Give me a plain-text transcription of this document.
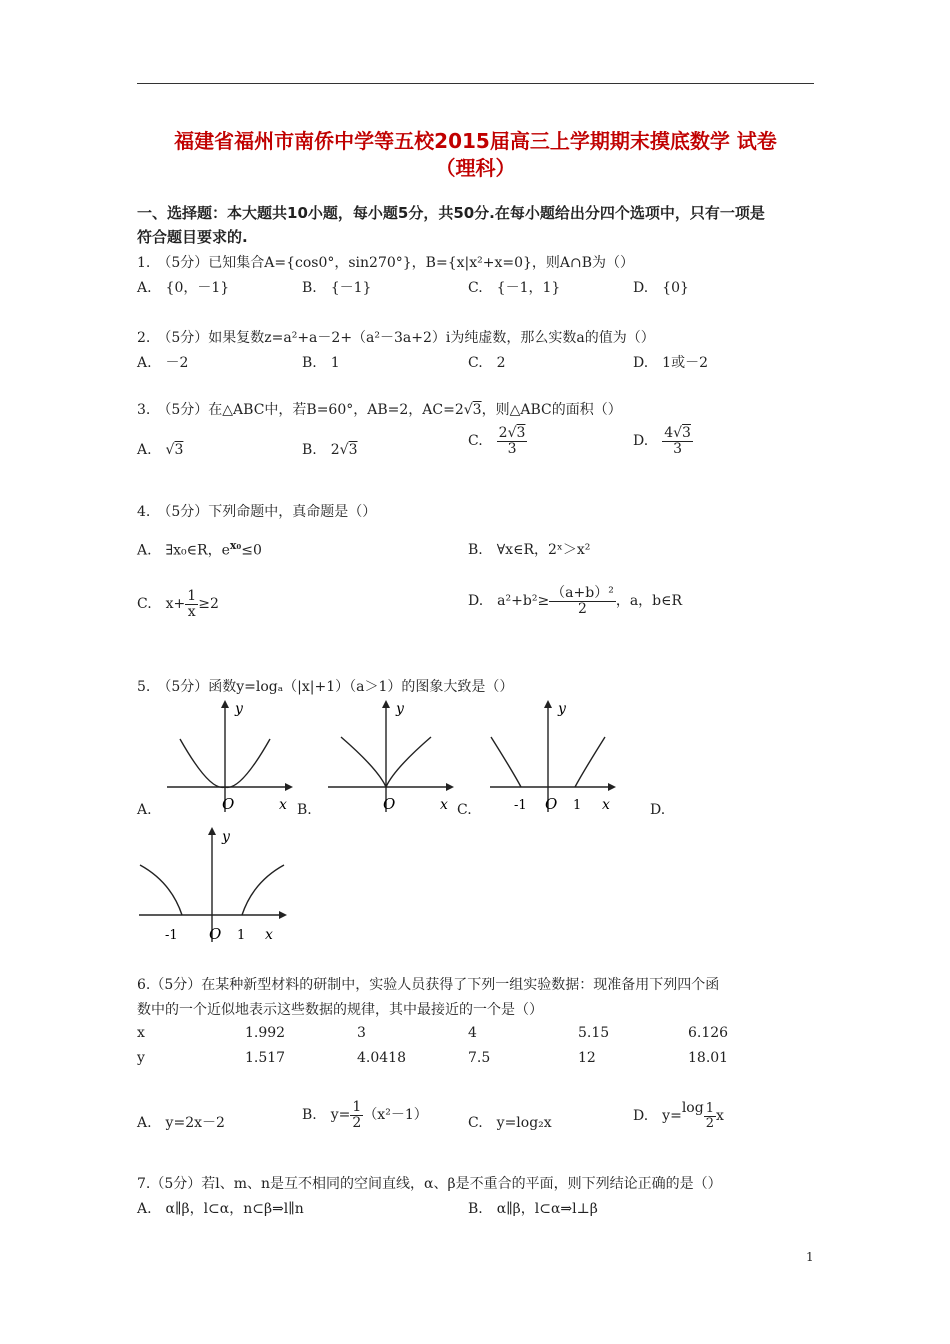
福建省福州市南侨中学等五校2015届高三上学期期末摸底数学 试卷
（理科）
一、选择题：本大题共10小题，每小题5分，共50分.在每小题给出分四个选项中，只有一项是
符合题目要求的.
1.　（5分）已知集合A={cos0°，sin270°}，B={x|x²+x=0}，则A∩B为（）
A.　{0，－1}	B.　{－1}	C.　{－1，1}	D.　{0}
2.　（5分）如果复数z=a²+a－2+（a²－3a+2）i为纯虚数，那么实数a的值为（）
A.　－2	B.　1	C.　2	D.　1或－2
3.　（5分）在△ABC中，若B=60°，AB=2，AC=2√3，则△ABC的面积（）
A.　√3	B.　 2√3
C.　 $\frac{2√3}{3}$	D.　 $\frac{4√3}{3}$
4.　（5分）下列命题中，真命题是（）
A.　∃x₀∈R，$e^{x_0}\le 0$	B.　∀x∈R，2ˣ＞x²
C.　$x+ \frac{1}{x} \ge 2$	D.　$a^2+b^2\ge \frac{\text{（a+b）²}}{2}$ ，a，b∈R
5.　（5分）函数y=logₐ（|x|+1）（a＞1）的图象大致是（）
A.
y
x
O	B.
y
x
O	C.
y
x
O
-1	1	D.
y
x
O
-1	1
6.（5分）在某种新型材料的研制中，实验人员获得了下列一组实验数据：现准备用下列四个函
数中的一个近似地表示这些数据的规律，其中最接近的一个是（）
x	1.992	3	4	5.15	6.126
y	1.517	4.0418	7.5	12	18.01
A.　y=2x－2	B.　$y= \frac{1}{2} (x^2-1)$	C.　y=log₂x	D.　$y=\log \frac{1}{2}$ x
7.（5分）若l、m、n是互不相同的空间直线，α、β是不重合的平面，则下列结论正确的是（）
A.　α∥β，l⊂α，n⊂β⇒l∥n	B.　α∥β，l⊂α⇒l⊥β
1
